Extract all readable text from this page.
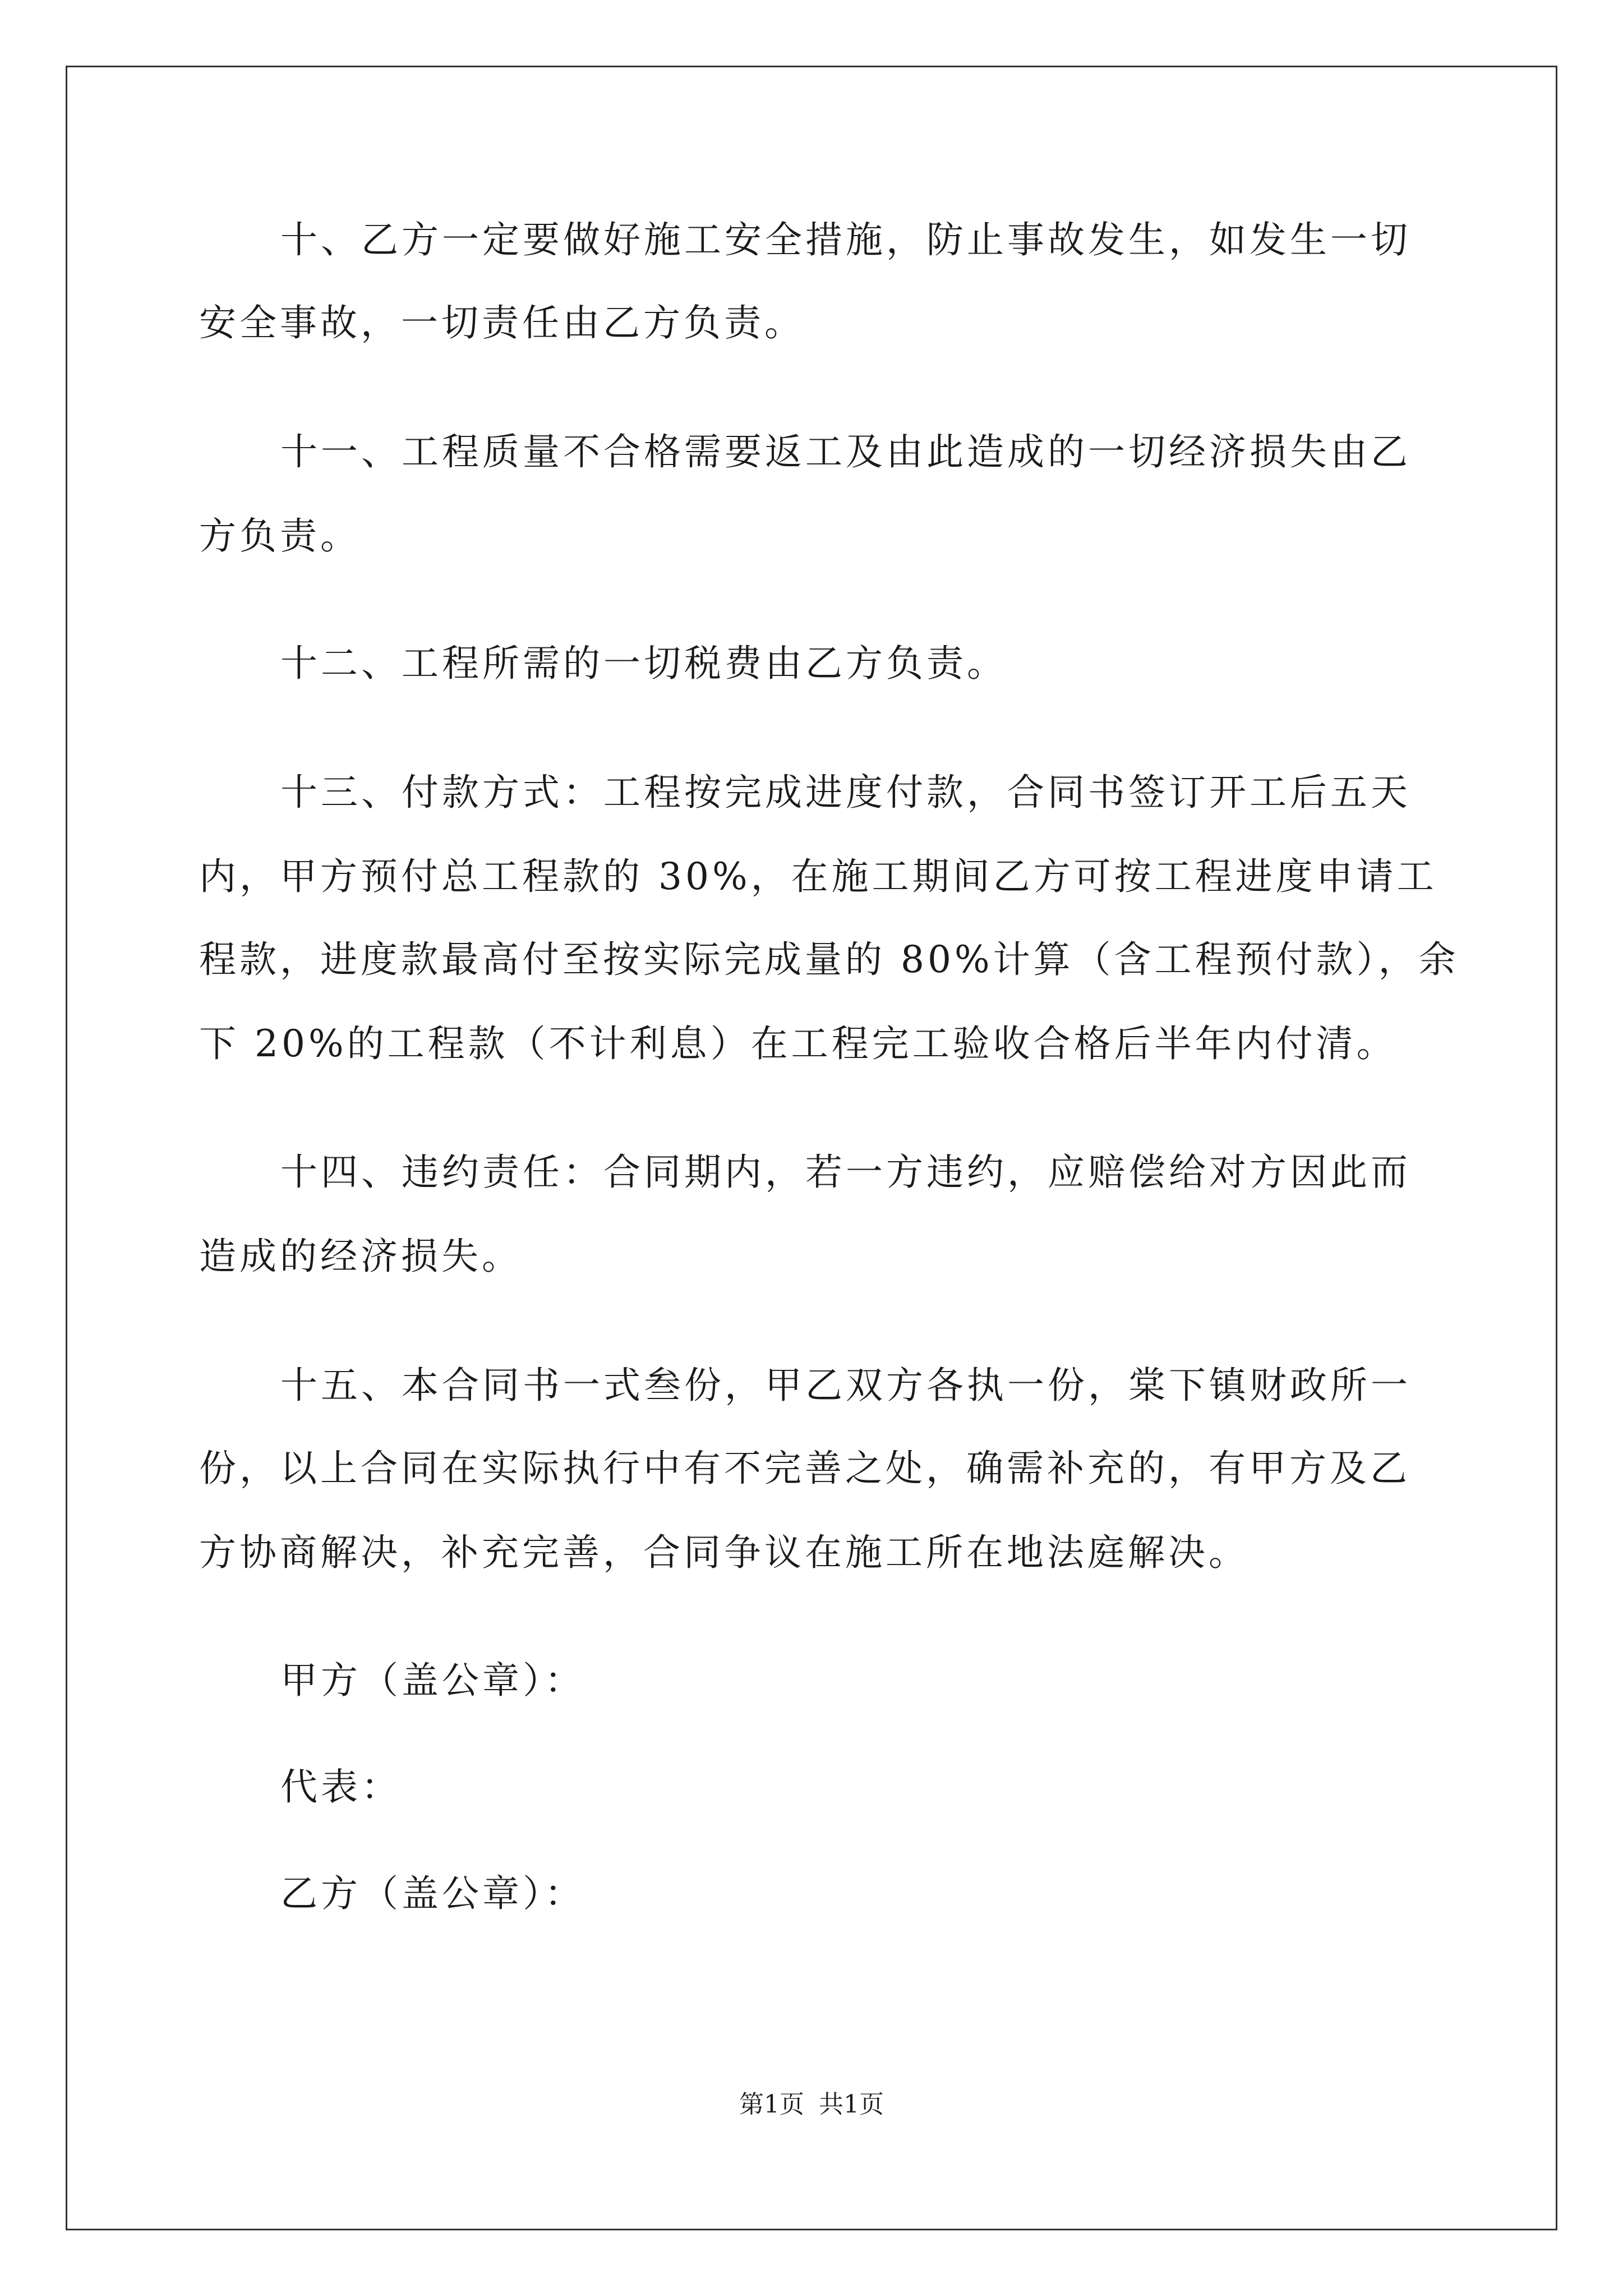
十、乙方一定要做好施工安全措施，防止事故发生，如发生一切
安全事故，一切责任由乙方负责。
十一、工程质量不合格需要返工及由此造成的一切经济损失由乙
方负责。
十二、工程所需的一切税费由乙方负责。
十三、付款方式：工程按完成进度付款，合同书签订开工后五天
内，甲方预付总工程款的 30%，在施工期间乙方可按工程进度申请工
程款，进度款最高付至按实际完成量的 80%计算（含工程预付款），余
下 20%的工程款（不计利息）在工程完工验收合格后半年内付清。
十四、违约责任：合同期内，若一方违约，应赔偿给对方因此而
造成的经济损失。
十五、本合同书一式叁份，甲乙双方各执一份，棠下镇财政所一
份，以上合同在实际执行中有不完善之处，确需补充的，有甲方及乙
方协商解决，补充完善，合同争议在施工所在地法庭解决。
甲方（盖公章）：
代表：
乙方（盖公章）：
第1页 共1页
